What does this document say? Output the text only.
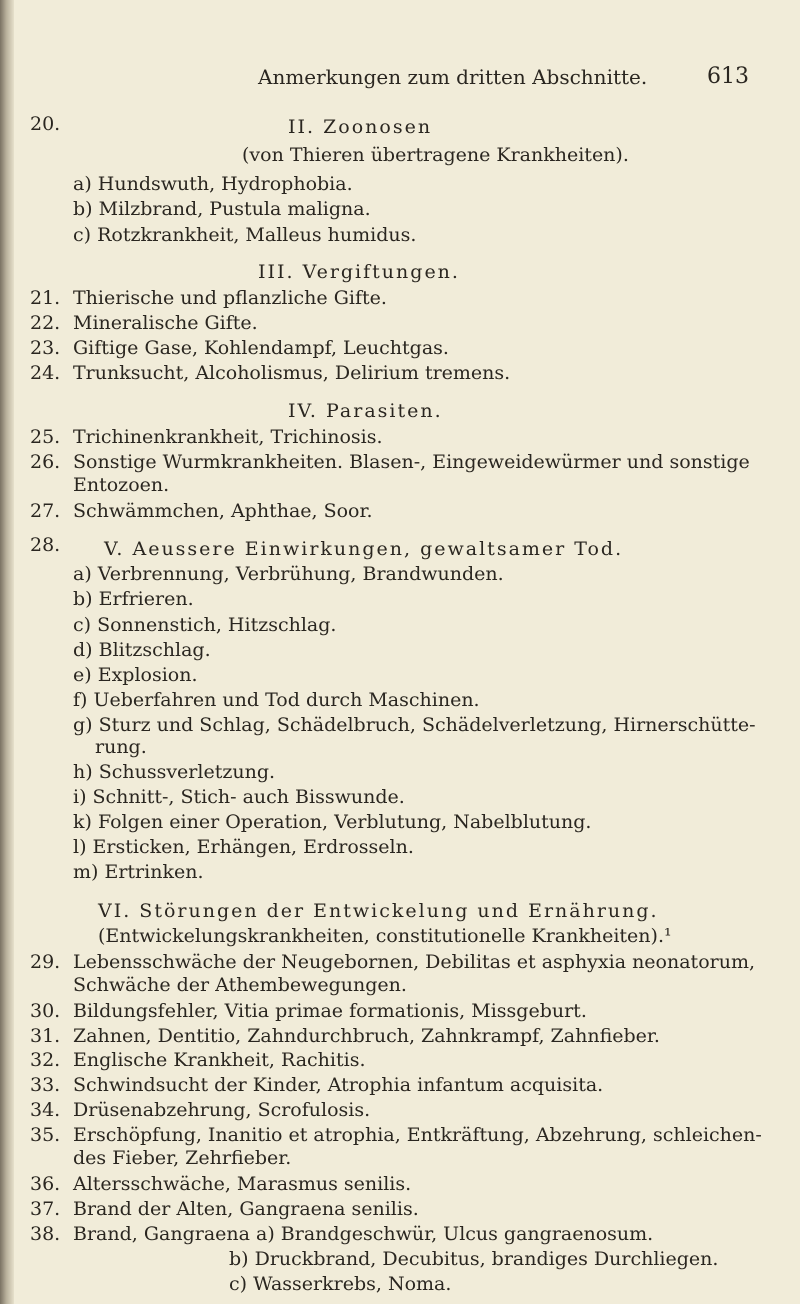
Anmerkungen zum dritten Abschnitte.	613
20.	II. Zoonosen
(von Thieren übertragene Krankheiten).
a) Hundswuth, Hydrophobia.
b) Milzbrand, Pustula maligna.
c) Rotzkrankheit, Malleus humidus.
III. Vergiftungen.
21. Thierische und pflanzliche Gifte.
22. Mineralische Gifte.
23. Giftige Gase, Kohlendampf, Leuchtgas.
24. Trunksucht, Alcoholismus, Delirium tremens.
IV. Parasiten.
25. Trichinenkrankheit, Trichinosis.
26. Sonstige Wurmkrankheiten. Blasen-, Eingeweidewürmer und sonstige
Entozoen.
27. Schwämmchen, Aphthae, Soor.
28. V. Aeussere Einwirkungen, gewaltsamer Tod.
a) Verbrennung, Verbrühung, Brandwunden.
b) Erfrieren.
c) Sonnenstich, Hitzschlag.
d) Blitzschlag.
e) Explosion.
f) Ueberfahren und Tod durch Maschinen.
g) Sturz und Schlag, Schädelbruch, Schädelverletzung, Hirnerschütte-
rung.
h) Schussverletzung.
i) Schnitt-, Stich- auch Bisswunde.
k) Folgen einer Operation, Verblutung, Nabelblutung.
l) Ersticken, Erhängen, Erdrosseln.
m) Ertrinken.
VI. Störungen der Entwickelung und Ernährung.
(Entwickelungskrankheiten, constitutionelle Krankheiten).¹
29. Lebensschwäche der Neugebornen, Debilitas et asphyxia neonatorum,
Schwäche der Athembewegungen.
30. Bildungsfehler, Vitia primae formationis, Missgeburt.
31. Zahnen, Dentitio, Zahndurchbruch, Zahnkrampf, Zahnfieber.
32. Englische Krankheit, Rachitis.
33. Schwindsucht der Kinder, Atrophia infantum acquisita.
34. Drüsenabzehrung, Scrofulosis.
35. Erschöpfung, Inanitio et atrophia, Entkräftung, Abzehrung, schleichen-
des Fieber, Zehrfieber.
36. Altersschwäche, Marasmus senilis.
37. Brand der Alten, Gangraena senilis.
38. Brand, Gangraena a) Brandgeschwür, Ulcus gangraenosum.
b) Druckbrand, Decubitus, brandiges Durchliegen.
c) Wasserkrebs, Noma.
